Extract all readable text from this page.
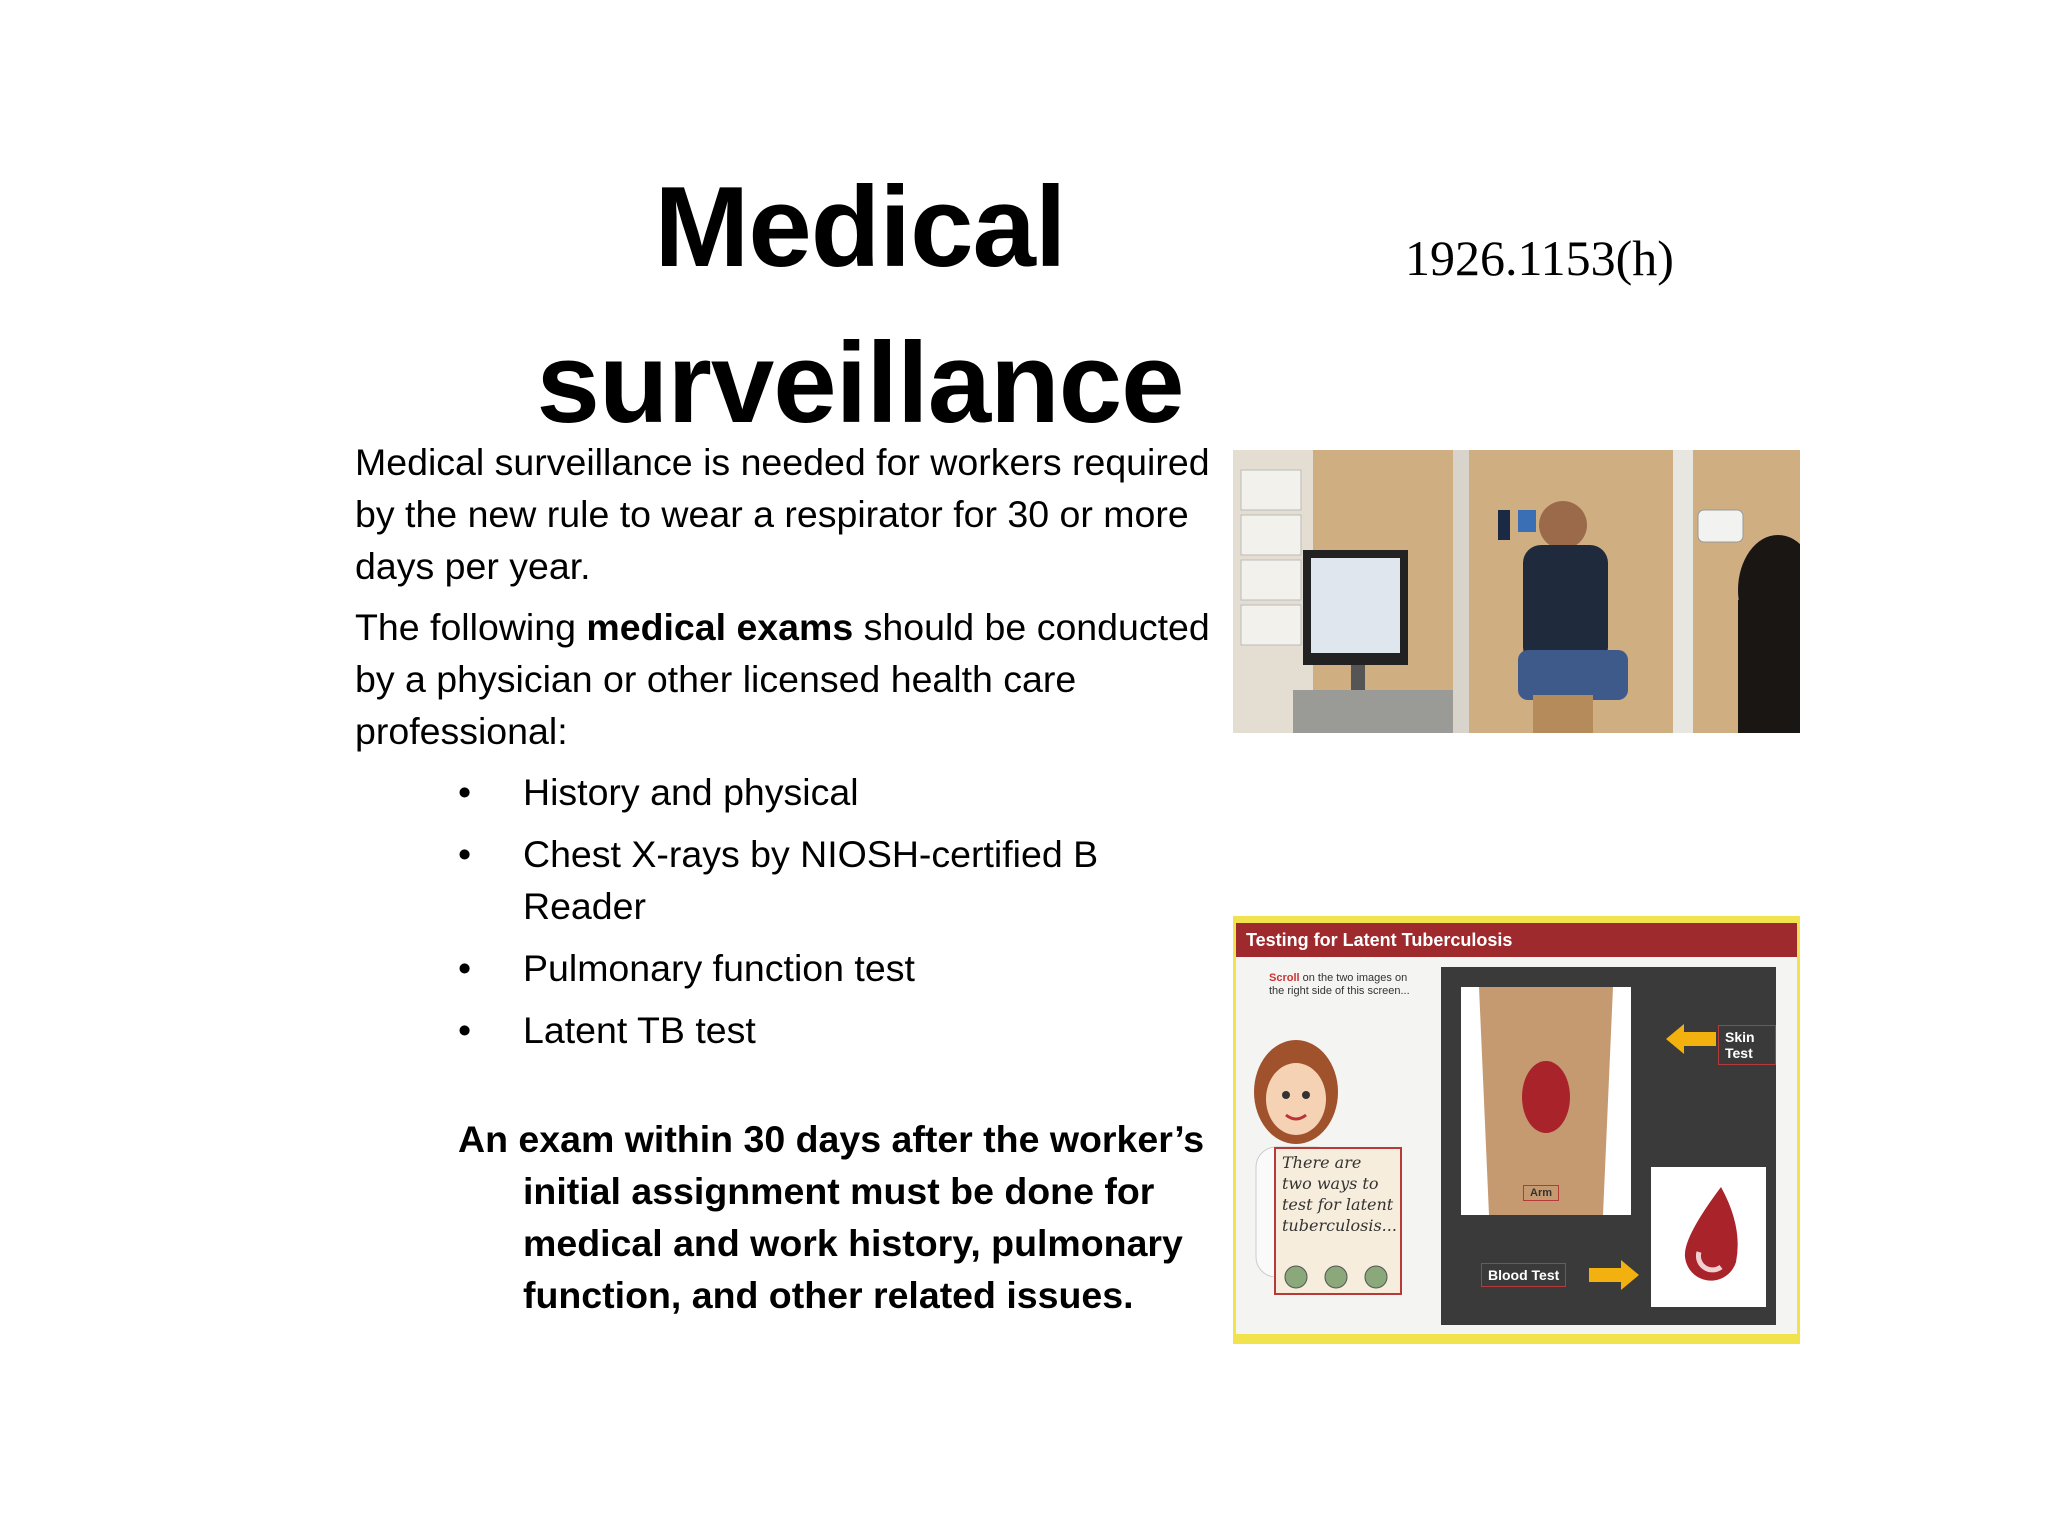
Medical
surveillance
1926.1153(h)

Medical surveillance is needed for workers required by the new rule to wear a respirator for 30 or more days per year.

The following medical exams should be conducted by a physician or other licensed health care professional:

• History and physical
• Chest X-rays by NIOSH-certified B Reader
• Pulmonary function test
• Latent TB test
An exam within 30 days after the worker’s initial assignment must be done for medical and work history, pulmonary function, and other related issues.
Testing for Latent Tuberculosis
Scroll on the two images on the right side of this screen...
There are two ways to test for latent tuberculosis...
Arm
Skin Test
Blood Test
